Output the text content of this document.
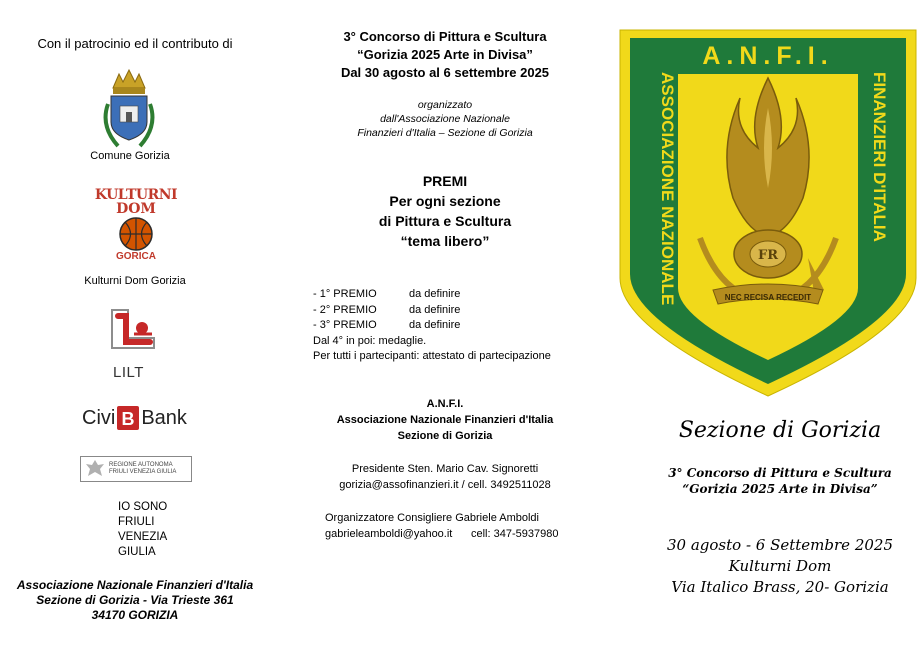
Con il patrocinio ed il contributo di
Comune Gorizia
KULTURNI
DOM
GORICA
Kulturni Dom Gorizia
LILT
Civi B Bank
REGIONE AUTONOMA
FRIULI VENEZIA GIULIA
IO SONO
FRIULI
VENEZIA
GIULIA
Associazione Nazionale Finanzieri d'Italia
Sezione di Gorizia - Via Trieste 361
34170 GORIZIA
3° Concorso di Pittura e Scultura
“Gorizia 2025 Arte in Divisa”
Dal 30 agosto al 6 settembre 2025
organizzato
dall'Associazione Nazionale
Finanzieri d'Italia – Sezione di Gorizia
PREMI
Per ogni sezione
di Pittura e Scultura
“tema libero”
- 1° PREMIO	da definire
- 2° PREMIO	da definire
- 3° PREMIO	da definire
Dal 4° in poi: medaglie.
Per tutti i partecipanti: attestato di partecipazione
A.N.F.I.
Associazione Nazionale Finanzieri d'Italia
Sezione di Gorizia
Presidente Sten. Mario Cav. Signoretti
gorizia@assofinanzieri.it / cell. 3492511028
Organizzatore Consigliere Gabriele Amboldi
gabrieleamboldi@yahoo.it	cell: 347-5937980
A.N.F.I.
ASSOCIAZIONE NAZIONALE	FINANZIERI D'ITALIA
FR
NEC RECISA RECEDIT
Sezione di Gorizia
3° Concorso di Pittura e Scultura
“Gorizia 2025 Arte in Divisa”
30 agosto - 6 Settembre 2025
Kulturni Dom
Via Italico Brass, 20- Gorizia
